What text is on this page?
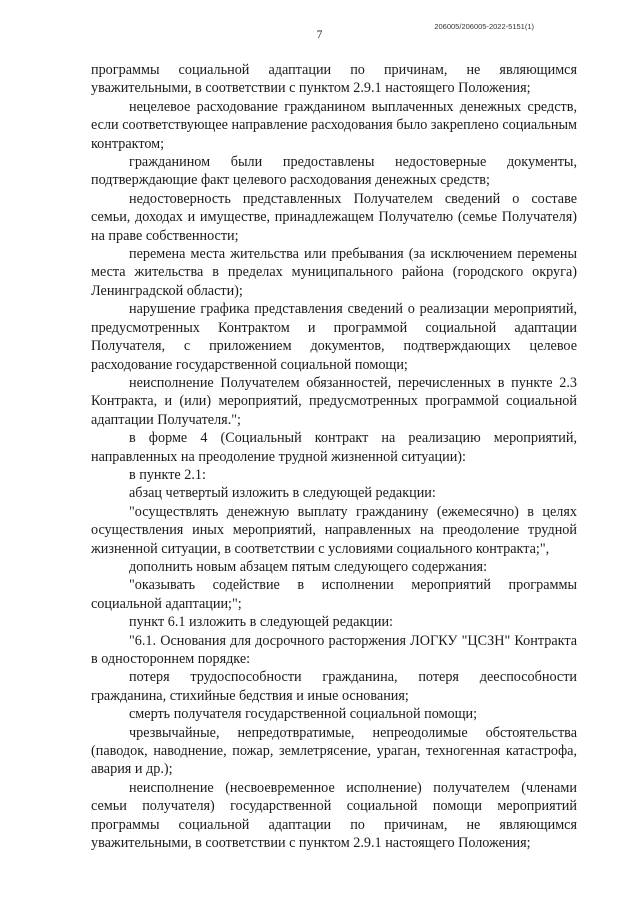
206005/206005-2022-5151(1)
7

программы социальной адаптации по причинам, не являющимся уважительными, в соответствии с пунктом 2.9.1 настоящего Положения;

нецелевое расходование гражданином выплаченных денежных средств, если соответствующее направление расходования было закреплено социальным контрактом;

гражданином были предоставлены недостоверные документы, подтверждающие факт целевого расходования денежных средств;

недостоверность представленных Получателем сведений о составе семьи, доходах и имуществе, принадлежащем Получателю (семье Получателя) на праве собственности;

перемена места жительства или пребывания (за исключением перемены места жительства в пределах муниципального района (городского округа) Ленинградской области);

нарушение графика представления сведений о реализации мероприятий, предусмотренных Контрактом и программой социальной адаптации Получателя, с приложением документов, подтверждающих целевое расходование государственной социальной помощи;

неисполнение Получателем обязанностей, перечисленных в пункте 2.3 Контракта, и (или) мероприятий, предусмотренных программой социальной адаптации Получателя.";

в форме 4 (Социальный контракт на реализацию мероприятий, направленных на преодоление трудной жизненной ситуации):

в пункте 2.1:

абзац четвертый изложить в следующей редакции:

"осуществлять денежную выплату гражданину (ежемесячно) в целях осуществления иных мероприятий, направленных на преодоление трудной жизненной ситуации, в соответствии с условиями социального контракта;",

дополнить новым абзацем пятым следующего содержания:

"оказывать содействие в исполнении мероприятий программы социальной адаптации;";

пункт 6.1 изложить в следующей редакции:

"6.1. Основания для досрочного расторжения ЛОГКУ "ЦСЗН" Контракта в одностороннем порядке:

потеря трудоспособности гражданина, потеря дееспособности гражданина, стихийные бедствия и иные основания;

смерть получателя государственной социальной помощи;

чрезвычайные, непредотвратимые, непреодолимые обстоятельства (паводок, наводнение, пожар, землетрясение, ураган, техногенная катастрофа, авария и др.);

неисполнение (несвоевременное исполнение) получателем (членами семьи получателя) государственной социальной помощи мероприятий программы социальной адаптации по причинам, не являющимся уважительными, в соответствии с пунктом 2.9.1 настоящего Положения;
